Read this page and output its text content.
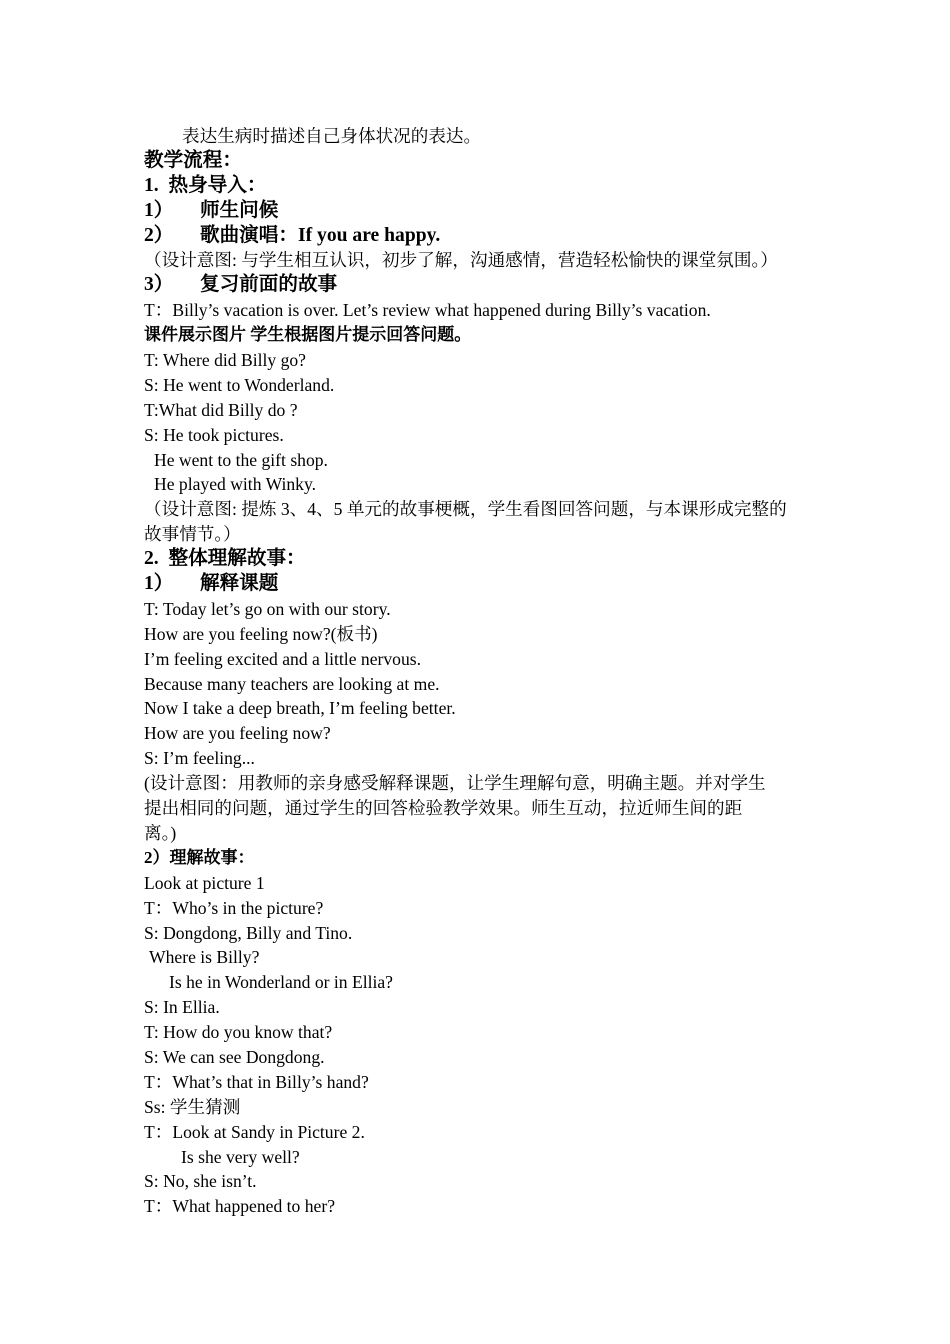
表达生病时描述自己身体状况的表达。
教学流程：
1.  热身导入：
1） 师生问候
2） 歌曲演唱：If you are happy.
（设计意图: 与学生相互认识，初步了解，沟通感情，营造轻松愉快的课堂氛围。）
3） 复习前面的故事
T：Billy’s vacation is over. Let’s review what happened during Billy’s vacation.
课件展示图片 学生根据图片提示回答问题。
T: Where did Billy go?
S: He went to Wonderland.
T:What did Billy do ?
S: He took pictures.
He went to the gift shop.
He played with Winky.
（设计意图: 提炼 3、4、5 单元的故事梗概，学生看图回答问题，与本课形成完整的
故事情节。）
2.  整体理解故事：
1） 解释课题
T: Today let’s go on with our story.
How are you feeling now?(板书)
I’m feeling excited and a little nervous.
Because many teachers are looking at me.
Now I take a deep breath, I’m feeling better.
How are you feeling now?
S: I’m feeling...
(设计意图：用教师的亲身感受解释课题，让学生理解句意，明确主题。并对学生
提出相同的问题，通过学生的回答检验教学效果。师生互动，拉近师生间的距
离。)
2）理解故事：
Look at picture 1
T：Who’s in the picture?
S: Dongdong, Billy and Tino.
Where is Billy?
Is he in Wonderland or in Ellia?
S: In Ellia.
T: How do you know that?
S: We can see Dongdong.
T：What’s that in Billy’s hand?
Ss: 学生猜测
T：Look at Sandy in Picture 2.
Is she very well?
S: No, she isn’t.
T：What happened to her?
